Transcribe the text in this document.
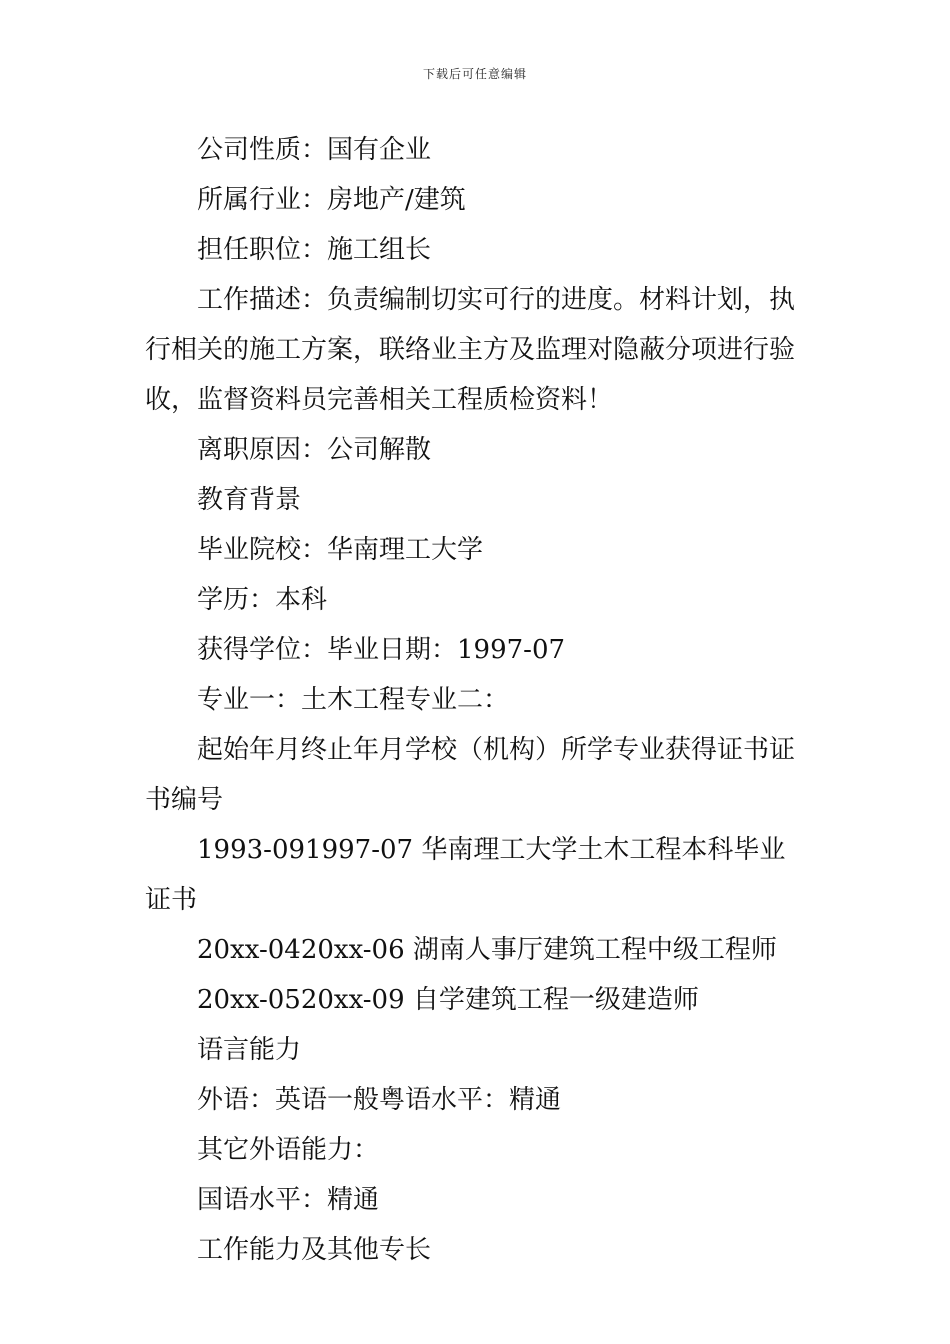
下载后可任意编辑

公司性质：国有企业

所属行业：房地产/建筑

担任职位：施工组长

工作描述：负责编制切实可行的进度。材料计划，执行相关的施工方案，联络业主方及监理对隐蔽分项进行验收，监督资料员完善相关工程质检资料！

离职原因：公司解散

教育背景

毕业院校：华南理工大学

学历：本科

获得学位：毕业日期：1997-07

专业一：土木工程专业二：

起始年月终止年月学校（机构）所学专业获得证书证书编号

1993-091997-07 华南理工大学土木工程本科毕业证书

20xx-0420xx-06 湖南人事厅建筑工程中级工程师

20xx-0520xx-09 自学建筑工程一级建造师

语言能力

外语：英语一般粤语水平：精通

其它外语能力：

国语水平：精通

工作能力及其他专长
